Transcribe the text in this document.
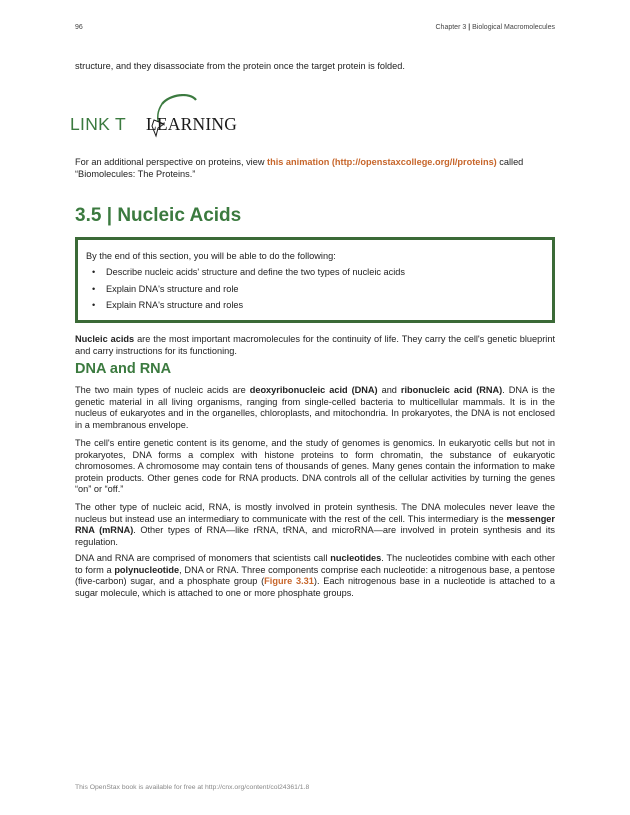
96	Chapter 3 | Biological Macromolecules

structure, and they disassociate from the protein once the target protein is folded.

LINK T LEARNING

For an additional perspective on proteins, view this animation (http://openstaxcollege.org/l/proteins) called “Biomolecules: The Proteins.”

3.5 | Nucleic Acids

By the end of this section, you will be able to do the following:

• Describe nucleic acids' structure and define the two types of nucleic acids
• Explain DNA's structure and role
• Explain RNA's structure and roles

Nucleic acids are the most important macromolecules for the continuity of life. They carry the cell's genetic blueprint and carry instructions for its functioning.

DNA and RNA

The two main types of nucleic acids are deoxyribonucleic acid (DNA) and ribonucleic acid (RNA). DNA is the genetic material in all living organisms, ranging from single-celled bacteria to multicellular mammals. It is in the nucleus of eukaryotes and in the organelles, chloroplasts, and mitochondria. In prokaryotes, the DNA is not enclosed in a membranous envelope.

The cell's entire genetic content is its genome, and the study of genomes is genomics. In eukaryotic cells but not in prokaryotes, DNA forms a complex with histone proteins to form chromatin, the substance of eukaryotic chromosomes. A chromosome may contain tens of thousands of genes. Many genes contain the information to make protein products. Other genes code for RNA products. DNA controls all of the cellular activities by turning the genes “on” or “off.”

The other type of nucleic acid, RNA, is mostly involved in protein synthesis. The DNA molecules never leave the nucleus but instead use an intermediary to communicate with the rest of the cell. This intermediary is the messenger RNA (mRNA). Other types of RNA—like rRNA, tRNA, and microRNA—are involved in protein synthesis and its regulation.

DNA and RNA are comprised of monomers that scientists call nucleotides. The nucleotides combine with each other to form a polynucleotide, DNA or RNA. Three components comprise each nucleotide: a nitrogenous base, a pentose (five-carbon) sugar, and a phosphate group (Figure 3.31). Each nitrogenous base in a nucleotide is attached to a sugar molecule, which is attached to one or more phosphate groups.

This OpenStax book is available for free at http://cnx.org/content/col24361/1.8
